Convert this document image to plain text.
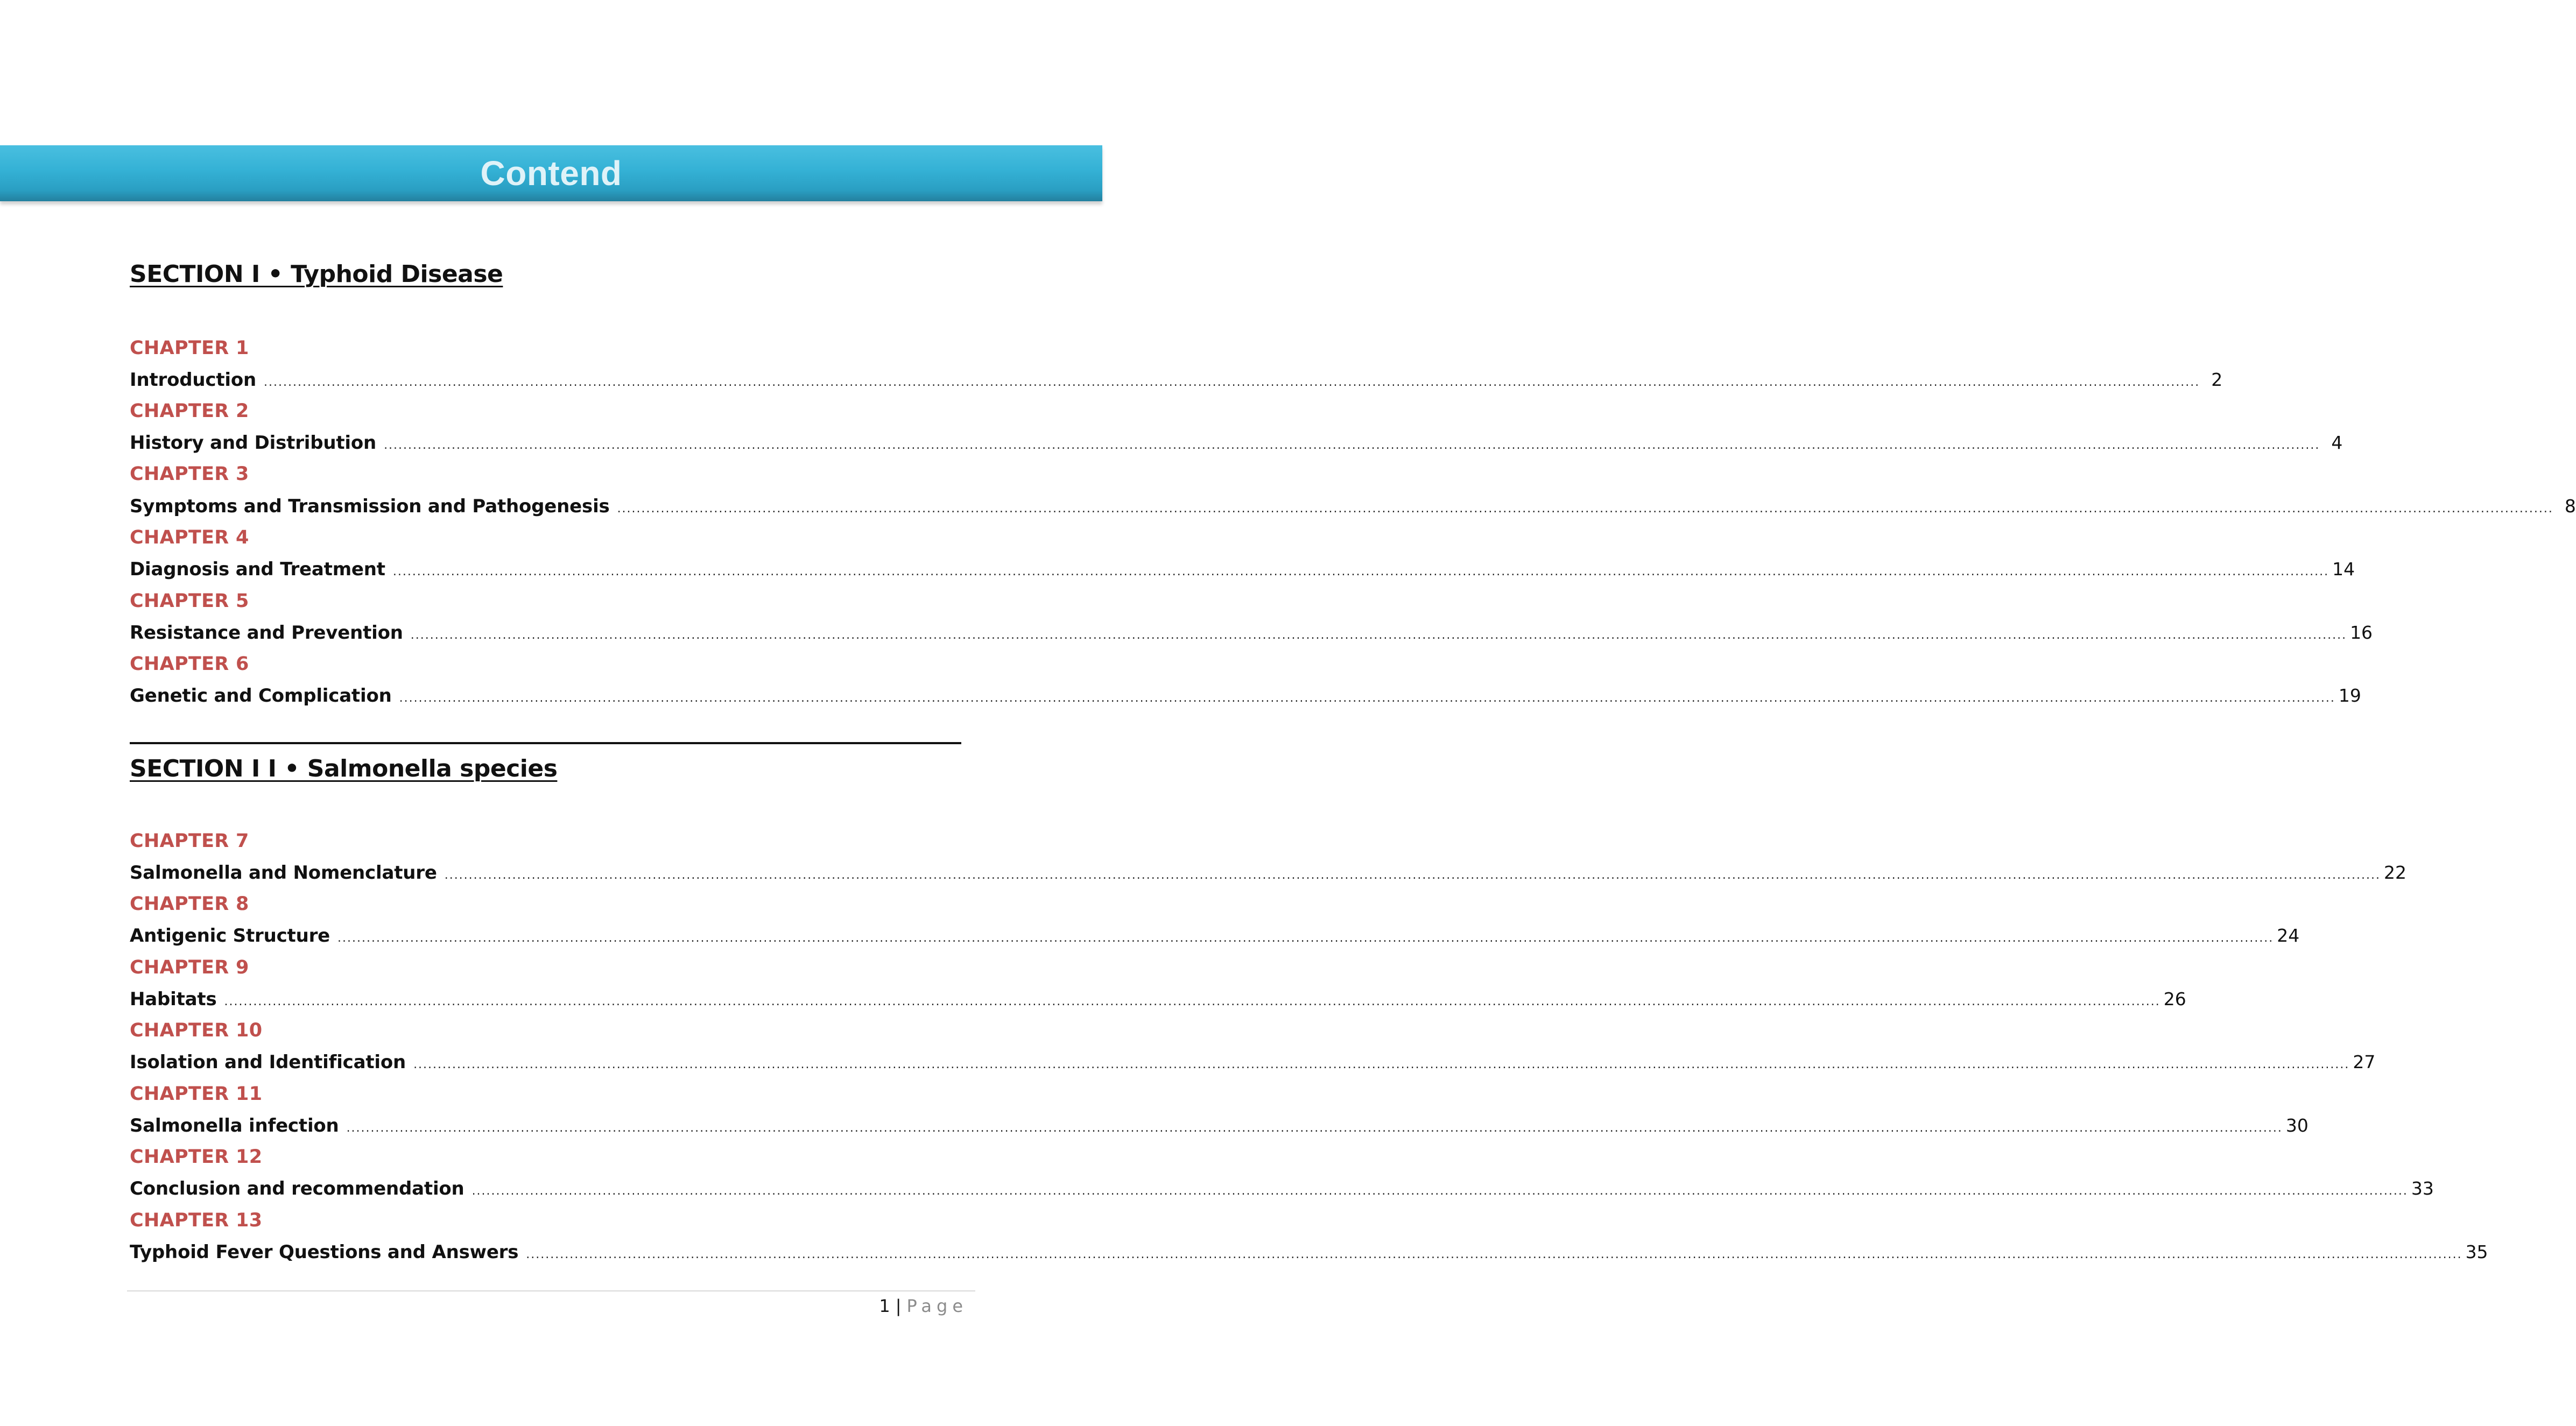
Contend
SECTION I • Typhoid Disease
CHAPTER 1
Introduction ................................................................................................................................................................................................................................................................................................................................................................................................................ 2
CHAPTER 2
History and Distribution ................................................................................................................................................................................................................................................................................................................................................................................................................ 4
CHAPTER 3
Symptoms and Transmission and Pathogenesis ................................................................................................................................................................................................................................................................................................................................................................................................................ 8
CHAPTER 4
Diagnosis and Treatment ................................................................................................................................................................................................................................................................................................................................................................................................................ 14
CHAPTER 5
Resistance and Prevention ................................................................................................................................................................................................................................................................................................................................................................................................................ 16
CHAPTER 6
Genetic and Complication ................................................................................................................................................................................................................................................................................................................................................................................................................ 19
SECTION I I • Salmonella species
CHAPTER 7
Salmonella and Nomenclature ................................................................................................................................................................................................................................................................................................................................................................................................................ 22
CHAPTER 8
Antigenic Structure ................................................................................................................................................................................................................................................................................................................................................................................................................ 24
CHAPTER 9
Habitats ................................................................................................................................................................................................................................................................................................................................................................................................................ 26
CHAPTER 10
Isolation and Identification ................................................................................................................................................................................................................................................................................................................................................................................................................ 27
CHAPTER 11
Salmonella infection ................................................................................................................................................................................................................................................................................................................................................................................................................ 30
CHAPTER 12
Conclusion and recommendation ................................................................................................................................................................................................................................................................................................................................................................................................................ 33
CHAPTER 13
Typhoid Fever Questions and Answers ................................................................................................................................................................................................................................................................................................................................................................................................................ 35
1 | Page
